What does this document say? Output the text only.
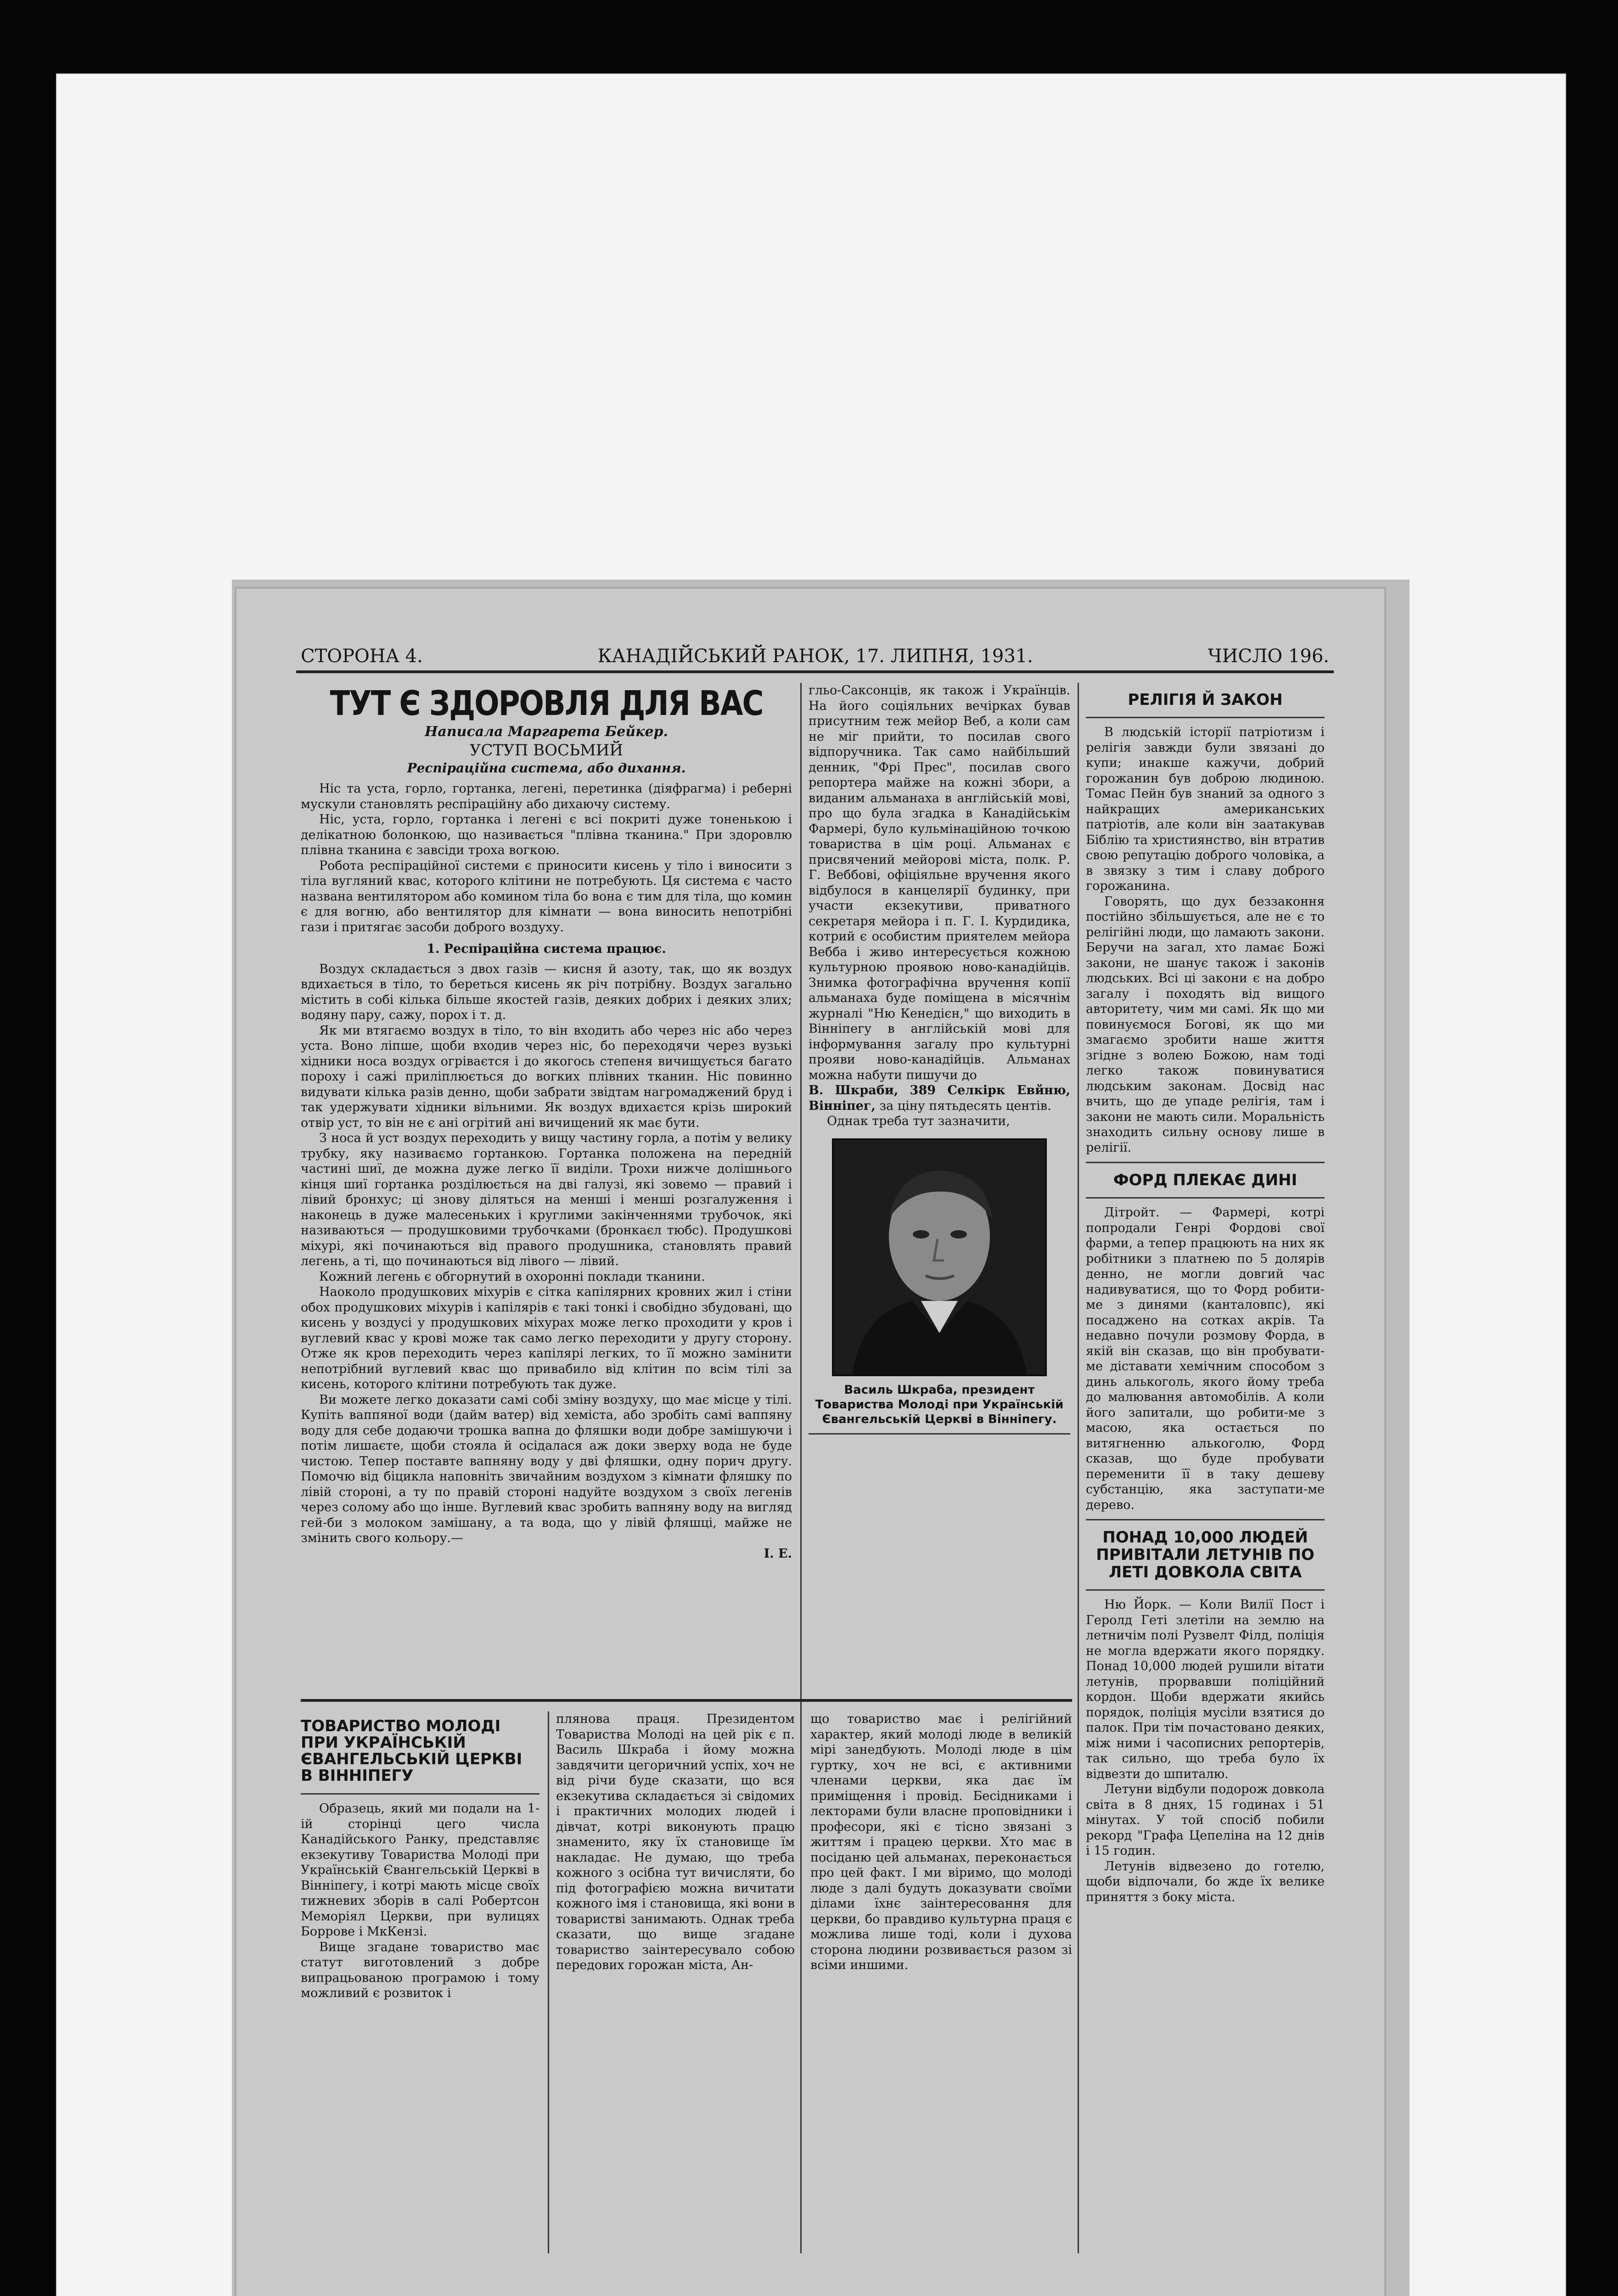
СТОРОНА 4.	КАНАДІЙСЬКИЙ РАНОК, 17. ЛИПНЯ, 1931.	ЧИСЛО 196.
ТУТ Є ЗДОРОВЛЯ ДЛЯ ВАС
Написала Маргарета Бейкер.
УСТУП ВОСЬМИЙ
Респіраційна система, або дихання.

Ніс та уста, горло, гортанка, легені, перетинка (діяфрагма) і реберні мускули становлять респіраційну або дихаючу систему.

Ніс, уста, горло, гортанка і легені є всі покриті дуже тоненькою і делікатною болонкою, що називається "плівна тканина." При здоровлю плівна тканина є завсіди троха вогкою.

Робота респіраційної системи є приносити кисень у тіло і виносити з тіла вугляний квас, которого клітини не потребують. Ця система є часто названа вентилятором або комином тіла бо вона є тим для тіла, що комин є для вогню, або вентилятор для кімнати — вона виносить непотрібні гази і притягає засоби доброго воздуху.

1. Респіраційна система працює.

Воздух складається з двох газів — кисня й азоту, так, що як воздух вдихається в тіло, то береться кисень як річ потрібну. Воздух загально містить в собі кількa більше якостей газів, деяких добрих і деяких злих; водяну пару, сажу, порох і т. д.

Як ми втягаємо воздух в тіло, то він входить або через ніс або через уста. Воно ліпше, щоби входив через ніс, бо переходячи через вузькі хідники носа воздух огріваєтся і до якогось степеня вичищується багато пороху і сажі приліплюється до вогких плівних тканин. Ніс повинно видувати кілька разів денно, щоби забрати звідтам нагромаджений бруд і так удержувати хідники вільними. Як воздух вдихаєтся крізь широкий отвір уст, то він не є ані огрітий ані вичищений як має бути.

З носа й уст воздух переходить у вищу частину горла, а потім у велику трубку, яку називаємо гортанкою. Гортанка положена на передній частині шиї, де можна дуже легко її виділи. Трохи нижче долішнього кінця шиї гортанка розділюється на дві галузі, які зовемо — правий і лівий бронхус; ці знову діляться на менші і менші розгалуження і наконець в дуже малесеньких і круглими закінченнями трубочок, які називаються — продушковими трубочками (бронкаєл тюбс). Продушкові міхурі, які починаються від правого продушника, становлять правий легень, а ті, що починаються від лівого — лівий.

Кожний легень є обгорнутий в охоронні поклади тканини.

Наоколо продушкових міхурів є сітка капілярних кровних жил і стіни обох продушкових міхурів і капілярів є такі тонкі і свобідно збудовані, що кисень у воздусі у продушкових міхурах може легко проходити у кров і вуглевий квас у крові може так само легко переходити у другу сторону. Отже як кров переходить через капілярі легких, то її можно замінити непотрібний вуглевий квас що привабило від клітин по всім тілі за кисень, которого клітини потребують так дуже.

Ви можете легко доказати самі собі зміну воздуху, що має місце у тілі. Купіть ваппяної води (дайм ватер) від хеміста, або зробіть самі ваппяну воду для себе додаючи трошка вапна до фляшки води добре замішуючи і потім лишаєте, щоби стояла й осідалася аж доки зверху вода не буде чистою. Тепер поставте вапняну воду у дві фляшки, одну порич другу. Помочю від біцикла наповніть звичайним воздухом з кімнати фляшку по лівій стороні, а ту по правій стороні надуйте воздухом з своїх легенів через солому або що інше. Вуглевий квас зробить вапняну воду на вигляд гей-би з молоком замішану, а та вода, що у лівій фляшці, майже не змінить свого кольору.—

І. Е.

гльо-Саксонців, як також і Українців. На його соціяльних вечірках бував присутним теж мейор Веб, а коли сам не міг прийти, то посилав свого відпоручника. Так само найбільший денник, "Фрі Прес", посилав свого репортера майже на кожні збори, а виданим альманаха в англійській мові, про що була згадка в Канадійськім Фармері, було кульмінаційною точкою товариства в цім році. Альманах є присвячений мейорові міста, полк. Р. Г. Веббові, офіціяльне вручення якого відбулося в канцелярії будинку, при участи екзекутиви, приватного секретаря мейора і п. Г. І. Курдидика, котрий є особистим приятелем мейора Вебба і живо интересується кожною культурною проявою ново-канадійців. Знимка фотографічна вручення копії альманаха буде поміщена в місячнім журналі "Ню Кенедієн," що виходить в Вінніпегу в англійській мові для інформування загалу про культурні прояви ново-канадійців. Альманах можна набути пишучи до

В. Шкраби, 389 Селкірк Евйню, Вінніпег, за ціну пятьдесять центів.

Однак треба тут зазначити,

Василь Шкраба, президент Товариства Молоді при Українській Євангельській Церкві в Вінніпегу.
РЕЛІГІЯ Й ЗАКОН

В людській історії патріотизм і релігія завжди були звязані до купи; инакше кажучи, добрий горожанин був доброю людиною. Томас Пейн був знаний за одного з найкращих американських патріотів, але коли він заатакував Біблію та християнство, він втратив свою репутацію доброго чоловіка, а в звязку з тим і славу доброго горожанина.

Говорять, що дух беззаконня постійно збільшується, але не є то релігійні люди, що ламають закони. Беручи на загал, хто ламає Божі закони, не шанує також і законів людських. Всі ці закони є на добро загалу і походять від вищого авторитету, чим ми самі. Як що ми повинуємося Богові, як що ми змагаємо зробити наше життя згідне з волею Божою, нам тоді легко також повинуватися людським законам. Досвід нас вчить, що де упаде релігія, там і закони не мають сили. Моральність знаходить сильну основу лише в релігії.

ФОРД ПЛЕКАЄ ДИНІ

Дітройт. — Фармері, котрі попродали Генрі Фордові свої фарми, а тепер працюють на них як робітники з платнею по 5 долярів денно, не могли довгий час надивуватися, що то Форд робити-ме з динями (канталовпс), які посаджено на сотках акрів. Та недавно почули розмову Форда, в якій він сказав, що він пробувати-ме діставати хемічним способом з динь алькоголь, якого йому треба до малювання автомобілів. А коли його запитали, що робити-ме з масою, яка остається по витягненню алькоголю, Форд сказав, що буде пробувати переменити її в таку дешеву субстанцію, яка заступати-ме дерево.

ПОНАД 10,000 ЛЮДЕЙ ПРИВІТАЛИ ЛЕТУНІВ ПО ЛЕТІ ДОВКОЛА СВІТА

Ню Йорк. — Коли Вилії Пост і Геролд Гeтi злетіли на землю на летничім полі Рузвелт Філд, поліція не могла вдержати якого порядку. Понад 10,000 людей рушили вітати летунів, прорвавши поліційний кордон. Щоби вдержати якийсь порядок, поліція мусіли взятися до палок. При тім почастовано деяких, між ними і часописних репортерів, так сильно, що треба було їх відвезти до шпиталю.

Летуни відбули подорож довкола світа в 8 днях, 15 годинах і 51 мінутах. У той спосіб побили рекорд "Графа Цепеліна на 12 днів і 15 годин.

Летунів відвезено до готелю, щоби відпочали, бо жде їх велике приняття з боку міста.

ТОВАРИСТВО МОЛОДІ ПРИ УКРАЇНСЬКІЙ ЄВАНГЕЛЬСЬКІЙ ЦЕРКВІ В ВІННІПЕГУ

Образець, який ми подали на 1-ій сторінці цего числа Канадійського Ранку, представляє екзекутиву Товариства Молоді при Українській Євангельській Церкві в Вінніпегу, і котрі мають місце своїх тижневих зборів в салі Робертсон Меморіял Церкви, при вулицях Боррове і МкКензі.

Вище згадане товариство має статут виготовлений з добре випрацьованою програмою і тому можливий є розвиток і

плянова праця. Президентом Товариства Молоді на цей рік є п. Василь Шкраба і йому можна завдячити цегоричний успіх, хоч не від річи буде сказати, що вся екзекутива складається зі свідомих і практичних молодих людей і дівчат, котрі виконують працю знаменито, яку їх становище їм накладає. Не думаю, що треба кожного з осібна тут вичисляти, бо під фотографією можна вичитати кожного імя і становища, які вони в товаристві занимають. Однак треба сказати, що вище згадане товариство заінтересувало собою передових горожан міста, Ан-

що товариство має і релігійний характер, який молоді люде в великій мірі занедбують. Молоді люде в цім гуртку, хоч не всі, є активними членами церкви, яка дає їм приміщення і провід. Бесідниками і лекторами були власне проповідники і професори, які є тісно звязані з життям і працею церкви. Хто має в посіданю цей альманах, переконається про цей факт. І ми віримо, що молоді люде з далі будуть доказувати своїми ділами їхнє заінтересовання для церкви, бо правдиво культурна праця є можлива лише тоді, коли і духова сторона людини розвивається разом зі всіми иншими.
